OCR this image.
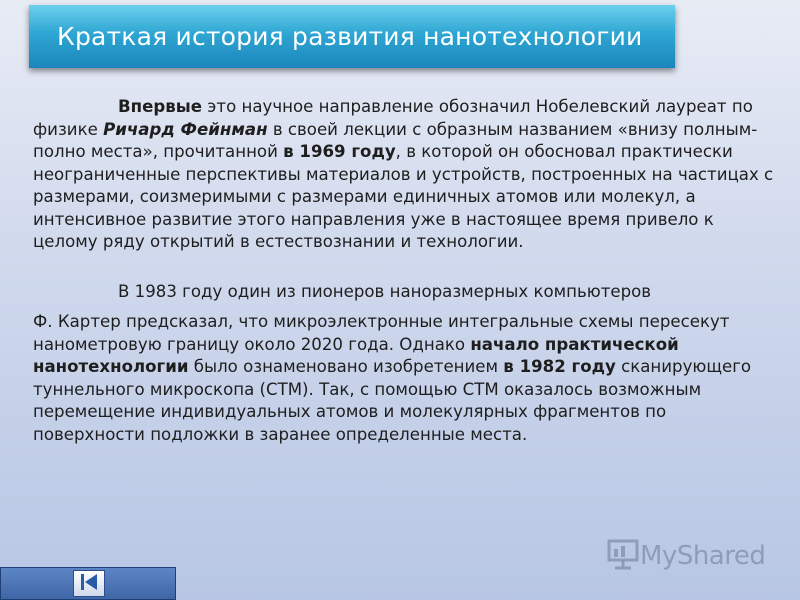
Краткая история развития нанотехнологии

Впервые это научное направление обозначил Нобелевский лауреат по физике Ричард Фейнман в своей лекции с образным названием «внизу полным-полно места», прочитанной в 1969 году, в которой он обосновал практически неограниченные перспективы материалов и устройств, построенных на частицах с размерами, соизмеримыми с размерами единичных атомов или молекул, а интенсивное развитие этого направления уже в настоящее время привело к целому ряду открытий в естествознании и технологии.

В 1983 году один из пионеров наноразмерных компьютеров
Ф. Картер предсказал, что микроэлектронные интегральные схемы пересекут нанометровую границу около 2020 года. Однако начало практической нанотехнологии было ознаменовано изобретением в 1982 году сканирующего туннельного микроскопа (СТМ). Так, с помощью СТМ оказалось возможным перемещение индивидуальных атомов и молекулярных фрагментов по поверхности подложки в заранее определенные места.

MyShared
